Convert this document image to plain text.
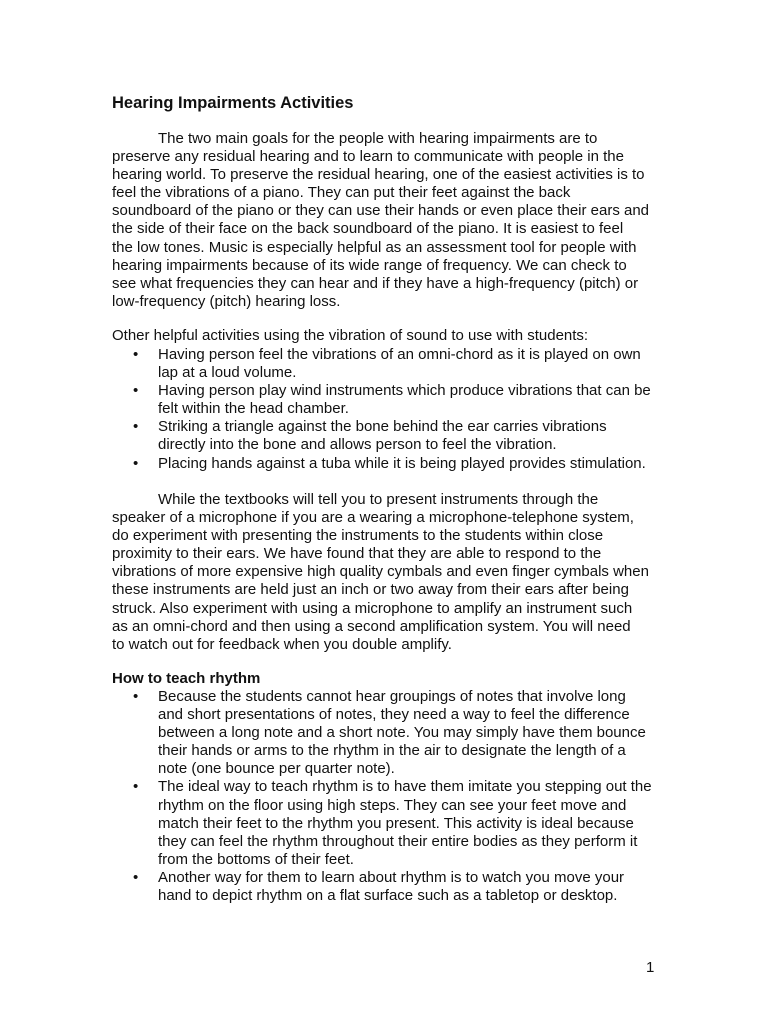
Hearing Impairments Activities
The two main goals for the people with hearing impairments are to
preserve any residual hearing and to learn to communicate with people in the
hearing world. To preserve the residual hearing, one of the easiest activities is to
feel the vibrations of a piano. They can put their feet against the back
soundboard of the piano or they can use their hands or even place their ears and
the side of their face on the back soundboard of the piano. It is easiest to feel
the low tones. Music is especially helpful as an assessment tool for people with
hearing impairments because of its wide range of frequency. We can check to
see what frequencies they can hear and if they have a high-frequency (pitch) or
low-frequency (pitch) hearing loss.
Other helpful activities using the vibration of sound to use with students:
• Having person feel the vibrations of an omni-chord as it is played on own
lap at a loud volume.
• Having person play wind instruments which produce vibrations that can be
felt within the head chamber.
• Striking a triangle against the bone behind the ear carries vibrations
directly into the bone and allows person to feel the vibration.
• Placing hands against a tuba while it is being played provides stimulation.
While the textbooks will tell you to present instruments through the
speaker of a microphone if you are a wearing a microphone-telephone system,
do experiment with presenting the instruments to the students within close
proximity to their ears. We have found that they are able to respond to the
vibrations of more expensive high quality cymbals and even finger cymbals when
these instruments are held just an inch or two away from their ears after being
struck. Also experiment with using a microphone to amplify an instrument such
as an omni-chord and then using a second amplification system. You will need
to watch out for feedback when you double amplify.
How to teach rhythm
• Because the students cannot hear groupings of notes that involve long
and short presentations of notes, they need a way to feel the difference
between a long note and a short note. You may simply have them bounce
their hands or arms to the rhythm in the air to designate the length of a
note (one bounce per quarter note).
• The ideal way to teach rhythm is to have them imitate you stepping out the
rhythm on the floor using high steps. They can see your feet move and
match their feet to the rhythm you present. This activity is ideal because
they can feel the rhythm throughout their entire bodies as they perform it
from the bottoms of their feet.
• Another way for them to learn about rhythm is to watch you move your
hand to depict rhythm on a flat surface such as a tabletop or desktop.
1
